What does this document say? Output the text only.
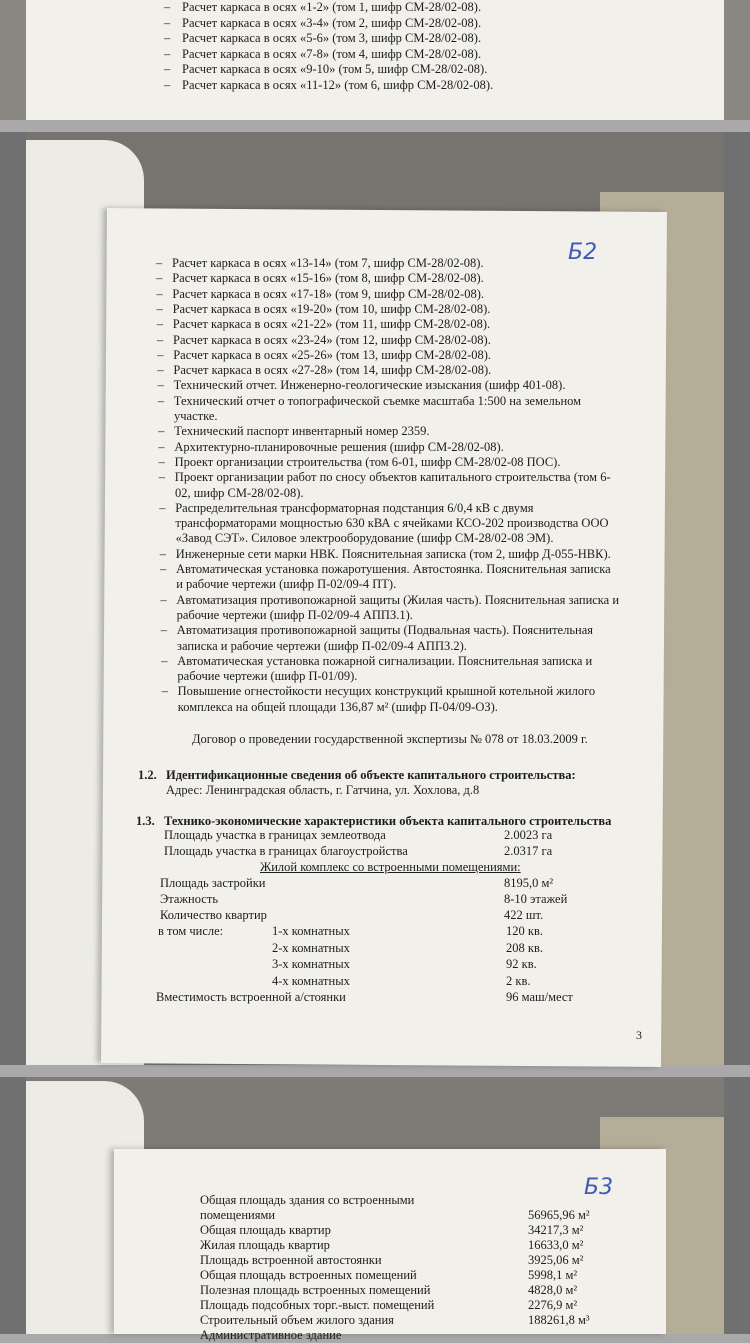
– Расчет каркаса в осях «1-2» (том 1, шифр СМ-28/02-08).
– Расчет каркаса в осях «3-4» (том 2, шифр СМ-28/02-08).
– Расчет каркаса в осях «5-6» (том 3, шифр СМ-28/02-08).
– Расчет каркаса в осях «7-8» (том 4, шифр СМ-28/02-08).
– Расчет каркаса в осях «9-10» (том 5, шифр СМ-28/02-08).
– Расчет каркаса в осях «11-12» (том 6, шифр СМ-28/02-08).
Б2
– Расчет каркаса в осях «13-14» (том 7, шифр СМ-28/02-08).
– Расчет каркаса в осях «15-16» (том 8, шифр СМ-28/02-08).
– Расчет каркаса в осях «17-18» (том 9, шифр СМ-28/02-08).
– Расчет каркаса в осях «19-20» (том 10, шифр СМ-28/02-08).
– Расчет каркаса в осях «21-22» (том 11, шифр СМ-28/02-08).
– Расчет каркаса в осях «23-24» (том 12, шифр СМ-28/02-08).
– Расчет каркаса в осях «25-26» (том 13, шифр СМ-28/02-08).
– Расчет каркаса в осях «27-28» (том 14, шифр СМ-28/02-08).
– Технический отчет. Инженерно-геологические изыскания (шифр 401-08).
– Технический отчет о топографической съемке масштаба 1:500 на земельном
участке.
– Технический паспорт инвентарный номер 2359.
– Архитектурно-планировочные решения (шифр СМ-28/02-08).
– Проект организации строительства (том 6-01, шифр СМ-28/02-08 ПОС).
– Проект организации работ по сносу объектов капитального строительства (том 6-
02, шифр СМ-28/02-08).
– Распределительная трансформаторная подстанция 6/0,4 кВ с двумя
трансформаторами мощностью 630 кВА с ячейками КСО-202 производства ООО
«Завод СЭТ». Силовое электрооборудование (шифр СМ-28/02-08 ЭМ).
– Инженерные сети марки НВК. Пояснительная записка (том 2, шифр Д-055-НВК).
– Автоматическая установка пожаротушения. Автостоянка. Пояснительная записка
и рабочие чертежи (шифр П-02/09-4 ПТ).
– Автоматизация противопожарной защиты (Жилая часть). Пояснительная записка и
рабочие чертежи (шифр П-02/09-4 АППЗ.1).
– Автоматизация противопожарной защиты (Подвальная часть). Пояснительная
записка и рабочие чертежи (шифр П-02/09-4 АППЗ.2).
– Автоматическая установка пожарной сигнализации. Пояснительная записка и
рабочие чертежи (шифр П-01/09).
– Повышение огнестойкости несущих конструкций крышной котельной жилого
комплекса на общей площади 136,87 м² (шифр П-04/09-ОЗ).
Договор о проведении государственной экспертизы № 078 от 18.03.2009 г.
1.2. Идентификационные сведения об объекте капитального строительства:
Адрес: Ленинградская область, г. Гатчина, ул. Хохлова, д.8
1.3. Технико-экономические характеристики объекта капитального строительства
Площадь участка в границах землеотвода	2.0023 га
Площадь участка в границах благоустройства	2.0317 га
Жилой комплекс со встроенными помещениями:
Площадь застройки	8195,0 м²
Этажность	8-10 этажей
Количество квартир	422 шт.
в том числе:	1-х комнатных	120 кв.
2-х комнатных	208 кв.
3-х комнатных	92 кв.
4-х комнатных	2 кв.
Вместимость встроенной а/стоянки	96 маш/мест
3
Б3
Общая площадь здания со встроенными
помещениями	56965,96 м²
Общая площадь квартир	34217,3 м²
Жилая площадь квартир	16633,0 м²
Площадь встроенной автостоянки	3925,06 м²
Общая площадь встроенных помещений	5998,1 м²
Полезная площадь встроенных помещений	4828,0 м²
Площадь подсобных торг.-выст. помещений	2276,9 м²
Строительный объем жилого здания	188261,8 м³
Административное здание
